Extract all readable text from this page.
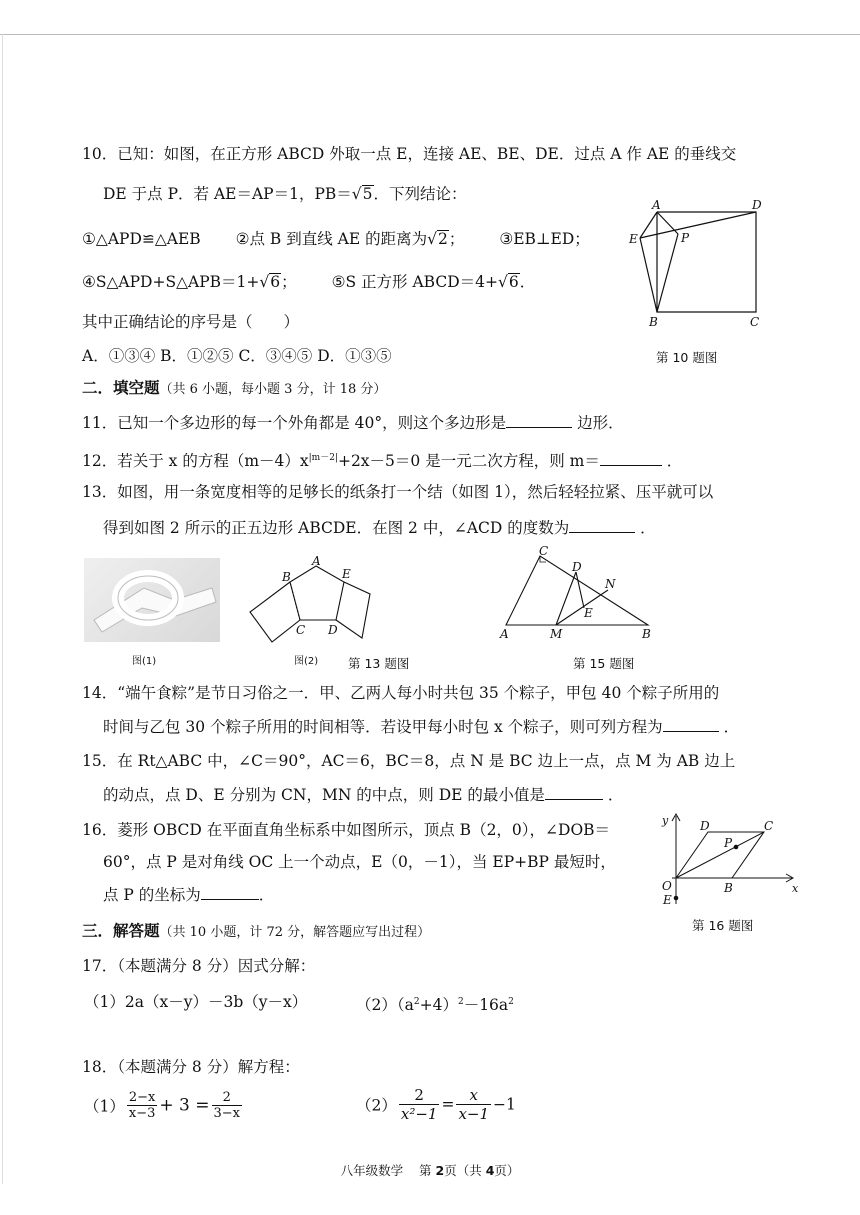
10．已知：如图，在正方形 ABCD 外取一点 E，连接 AE、BE、DE．过点 A 作 AE 的垂线交
DE 于点 P．若 AE＝AP＝1，PB＝√5．下列结论：
①△APD≌△AEB ②点 B 到直线 AE 的距离为√2； ③EB⊥ED；
④S△APD+S△APB＝1+√6； ⑤S 正方形 ABCD＝4+√6．
其中正确结论的序号是（　　）
A．①③④ B．①②⑤ C．③④⑤ D．①③⑤
A	D
E	P
B	C
第 10 题图
二．填空题（共 6 小题，每小题 3 分，计 18 分）
11．已知一个多边形的每一个外角都是 40°，则这个多边形是	边形．
12．若关于 x 的方程$(m-4)x^{|m-2|}+2x-5=0$ 是一元二次方程，则 m＝	．
13．如图，用一条宽度相等的足够长的纸条打一个结（如图 1），然后轻轻拉紧、压平就可以
得到如图 2 所示的正五边形 ABCDE．在图 2 中，∠ACD 的度数为	．
图(1)
A
B	E
C D
图(2) 第 13 题图
C
D
N
E
A	M	B
第 15 题图
14．“端午食粽”是节日习俗之一．甲、乙两人每小时共包 35 个粽子，甲包 40 个粽子所用的
时间与乙包 30 个粽子所用的时间相等．若设甲每小时包 x 个粽子，则可列方程为	．
15．在 Rt△ABC 中，∠C＝90°，AC＝6，BC＝8，点 N 是 BC 边上一点，点 M 为 AB 边上
的动点，点 D、E 分别为 CN，MN 的中点，则 DE 的最小值是	．
16．菱形 OBCD 在平面直角坐标系中如图所示，顶点 B（2，0），∠DOB＝
60°，点 P 是对角线 OC 上一个动点，E（0，－1），当 EP+BP 最短时，
点 P 的坐标为	．
y
x
O	B
C
D
P
E
第 16 题图
三．解答题（共 10 小题，计 72 分，解答题应写出过程）
17．（本题满分 8 分）因式分解：
（1）2a（x－y）－3b（y－x）	$(2)(a^2+4)^2-16a^2$
18．（本题满分 8 分）解方程：
$(1) \frac{2-x}{x-3} + 3 = \frac{2}{3-x}$	$(2) \frac{2}{\text{x²−1}} = \frac{x}{x-1} -1$
八年级数学 第 2页（共 4页）
